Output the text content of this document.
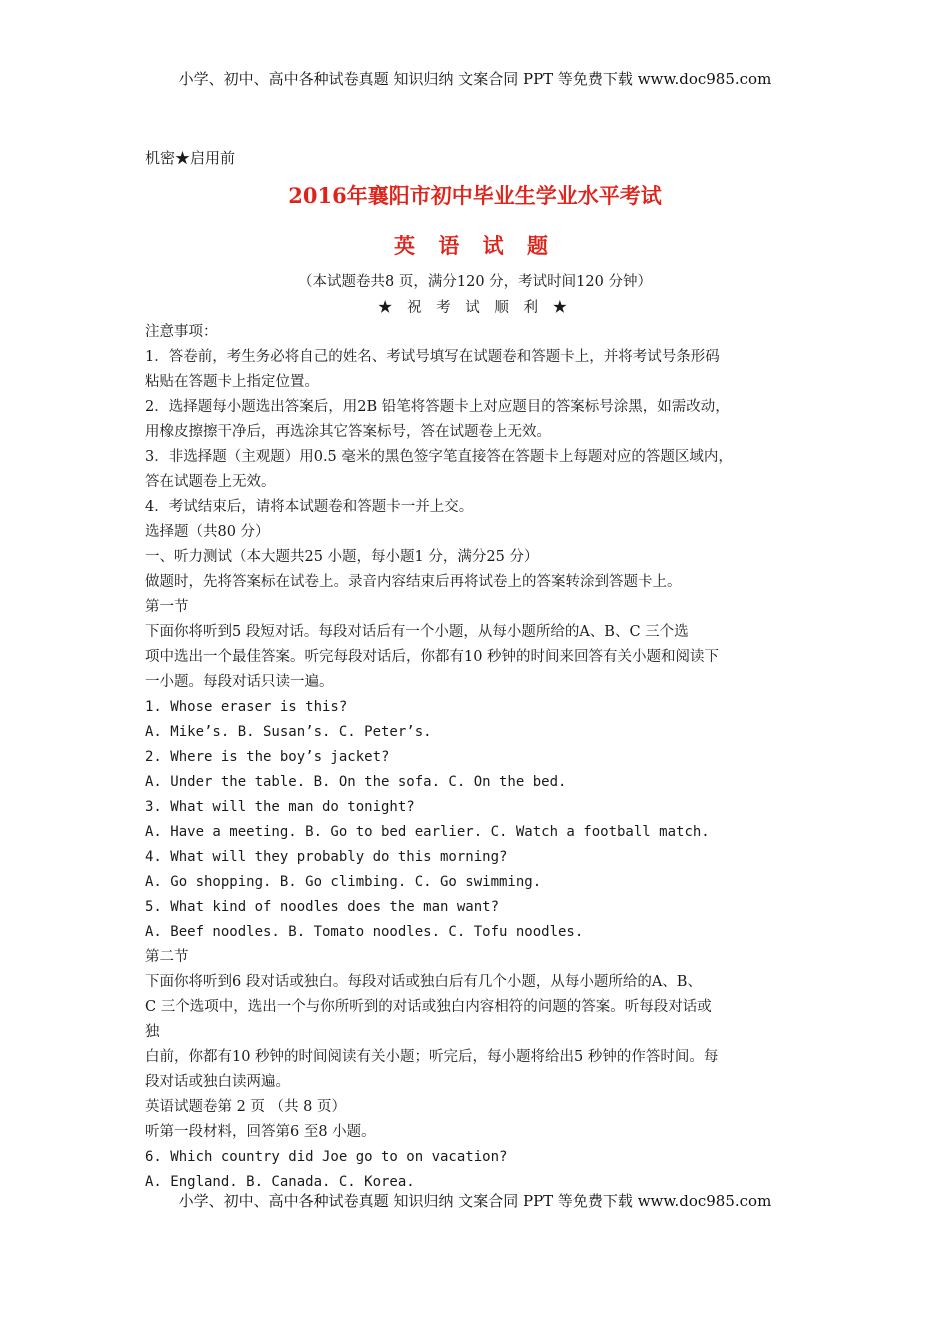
小学、初中、高中各种试卷真题 知识归纳 文案合同 PPT 等免费下载 www.doc985.com
机密★启用前
2016年襄阳市初中毕业生学业水平考试
英 语 试 题
（本试题卷共8 页，满分120 分，考试时间120 分钟）
★ 祝 考 试 顺 利 ★
注意事项：
1．答卷前，考生务必将自己的姓名、考试号填写在试题卷和答题卡上，并将考试号条形码
粘贴在答题卡上指定位置。
2．选择题每小题选出答案后，用2B 铅笔将答题卡上对应题目的答案标号涂黑，如需改动，
用橡皮擦擦干净后，再选涂其它答案标号，答在试题卷上无效。
3．非选择题（主观题）用0.5 毫米的黑色签字笔直接答在答题卡上每题对应的答题区域内，
答在试题卷上无效。
4．考试结束后，请将本试题卷和答题卡一并上交。
选择题（共80 分）
一、听力测试（本大题共25 小题，每小题1 分，满分25 分）
做题时，先将答案标在试卷上。录音内容结束后再将试卷上的答案转涂到答题卡上。
第一节
下面你将听到5 段短对话。每段对话后有一个小题，从每小题所给的A、B、C 三个选
项中选出一个最佳答案。听完每段对话后，你都有10 秒钟的时间来回答有关小题和阅读下
一小题。每段对话只读一遍。
1. Whose eraser is this?
A. Mike’s. B. Susan’s. C. Peter’s.
2. Where is the boy’s jacket?
A. Under the table. B. On the sofa. C. On the bed.
3. What will the man do tonight?
A. Have a meeting. B. Go to bed earlier. C. Watch a football match.
4. What will they probably do this morning?
A. Go shopping. B. Go climbing. C. Go swimming.
5. What kind of noodles does the man want?
A. Beef noodles. B. Tomato noodles. C. Tofu noodles.
第二节
下面你将听到6 段对话或独白。每段对话或独白后有几个小题，从每小题所给的A、B、
C 三个选项中，选出一个与你所听到的对话或独白内容相符的问题的答案。听每段对话或
独
白前，你都有10 秒钟的时间阅读有关小题；听完后，每小题将给出5 秒钟的作答时间。每
段对话或独白读两遍。
英语试题卷第 2 页 （共 8 页）
听第一段材料，回答第6 至8 小题。
6. Which country did Joe go to on vacation?
A. England. B. Canada. C. Korea.
小学、初中、高中各种试卷真题 知识归纳 文案合同 PPT 等免费下载 www.doc985.com
